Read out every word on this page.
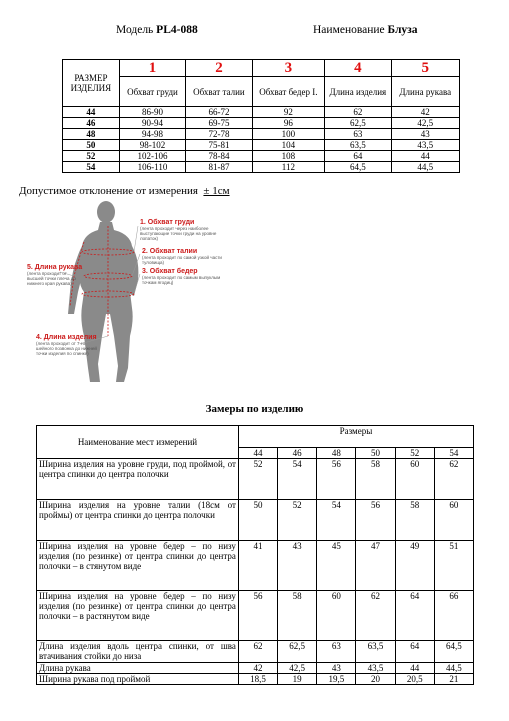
Модель PL4-088	Наименование Блуза
РАЗМЕР ИЗДЕЛИЯ	1	2	3	4	5
	Обхват груди	Обхват талии	Обхват бедер I.	Длина изделия	Длина рукава
44	86-90	66-72	92	62	42
46	90-94	69-75	96	62,5	42,5
48	94-98	72-78	100	63	43
50	98-102	75-81	104	63,5	43,5
52	102-106	78-84	108	64	44
54	106-110	81-87	112	64,5	44,5
Допустимое отклонение от измерения ± 1см
1. Обхват груди
(лента проходит через наиболее выступающие точки груди на уровне лопаток)
2. Обхват талии
(лента проходит по самой узкой части туловища)
3. Обхват бедер
(лента проходит по самым выпуклым точкам ягодиц)
4. Длина изделия
(лента проходит от 7-го шейного позвонка до нижней точки изделия по спинке)
5. Длина рукава
(лента проходит от высшей точки плеча до нижнего края рукава)
Замеры по изделию
Наименование мест измерений	Размеры					
	44	46	48	50	52	54
Ширина изделия на уровне груди, под проймой, от центра спинки до центра полочки	52	54	56	58	60	62
Ширина изделия на уровне талии (18см от проймы) от центра спинки до центра полочки	50	52	54	56	58	60
Ширина изделия на уровне бедер – по низу изделия (по резинке) от центра спинки до центра полочки – в стянутом виде	41	43	45	47	49	51
Ширина изделия на уровне бедер – по низу изделия (по резинке) от центра спинки до центра полочки – в растянутом виде	56	58	60	62	64	66
Длина изделия вдоль центра спинки, от шва втачивания стойки до низа	62	62,5	63	63,5	64	64,5
Длина рукава	42	42,5	43	43,5	44	44,5
Ширина рукава под проймой	18,5	19	19,5	20	20,5	21
